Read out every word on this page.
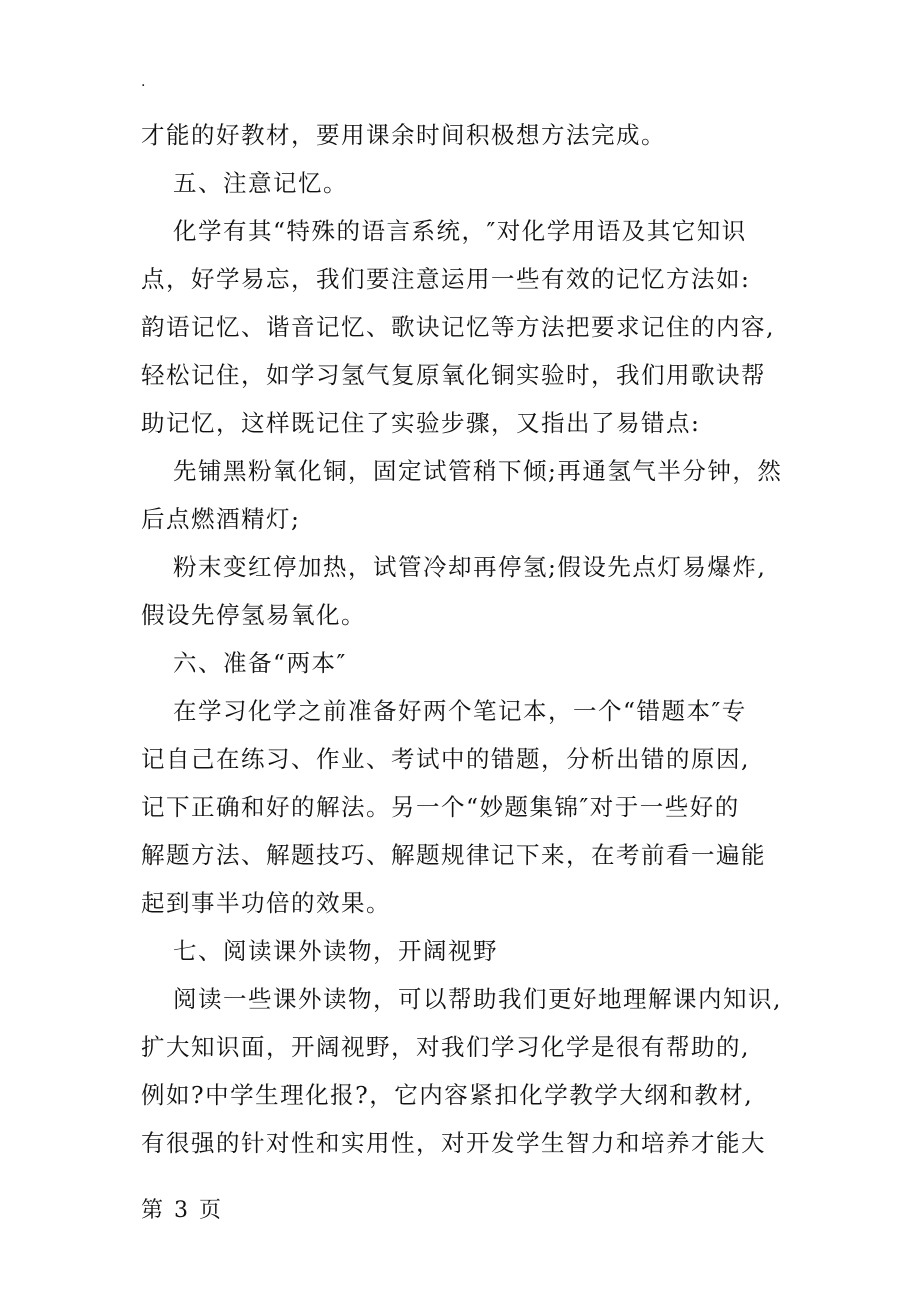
.
才能的好教材，要用课余时间积极想方法完成。
五、注意记忆。
化学有其“特殊的语言系统，″对化学用语及其它知识
点，好学易忘，我们要注意运用一些有效的记忆方法如:
韵语记忆、谐音记忆、歌诀记忆等方法把要求记住的内容,
轻松记住，如学习氢气复原氧化铜实验时，我们用歌诀帮
助记忆，这样既记住了实验步骤，又指出了易错点:
先铺黑粉氧化铜，固定试管稍下倾;再通氢气半分钟，然
后点燃酒精灯;
粉末变红停加热，试管冷却再停氢;假设先点灯易爆炸,
假设先停氢易氧化。
六、准备“两本″
在学习化学之前准备好两个笔记本，一个“错题本″专
记自己在练习、作业、考试中的错题，分析出错的原因,
记下正确和好的解法。另一个“妙题集锦″对于一些好的
解题方法、解题技巧、解题规律记下来，在考前看一遍能
起到事半功倍的效果。
七、阅读课外读物，开阔视野
阅读一些课外读物，可以帮助我们更好地理解课内知识,
扩大知识面，开阔视野，对我们学习化学是很有帮助的,
例如?中学生理化报?，它内容紧扣化学教学大纲和教材,
有很强的针对性和实用性，对开发学生智力和培养才能大
第 3 页
